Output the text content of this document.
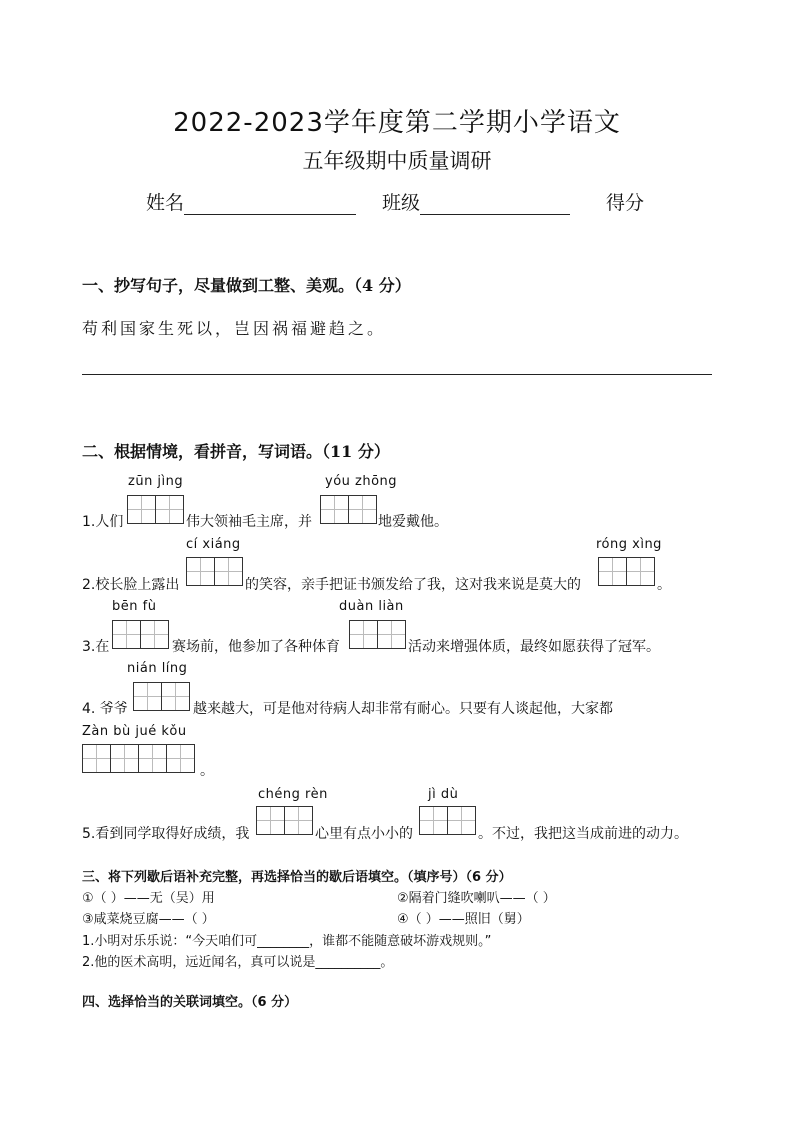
2022-2023学年度第二学期小学语文
五年级期中质量调研
姓名	班级	得分
一、抄写句子，尽量做到工整、美观。（4 分）
苟利国家生死以，岂因祸福避趋之。
二、根据情境，看拼音，写词语。（11 分）
zūn jìng	yóu zhōng
1.人们	伟大领袖毛主席，并	地爱戴他。
cí xiáng	róng xìng
2.校长脸上露出	的笑容，亲手把证书颁发给了我，这对我来说是莫大的	。
bēn fù	duàn liàn
3.在	赛场前，他参加了各种体育	活动来增强体质，最终如愿获得了冠军。
nián líng
4. 爷爷	越来越大，可是他对待病人却非常有耐心。只要有人谈起他，大家都
Zàn bù jué kǒu
。
chéng rèn	jì dù
5.看到同学取得好成绩，我	心里有点小小的	。不过，我把这当成前进的动力。
三、将下列歇后语补充完整，再选择恰当的歇后语填空。（填序号）（6 分）
①（ ）——无（吴）用	②隔着门缝吹喇叭——（ ）
③咸菜烧豆腐——（ ）	④（ ）——照旧（舅）
1.小明对乐乐说：“今天咱们可________，谁都不能随意破坏游戏规则。”
2.他的医术高明，远近闻名，真可以说是__________。
四、选择恰当的关联词填空。（6 分）
